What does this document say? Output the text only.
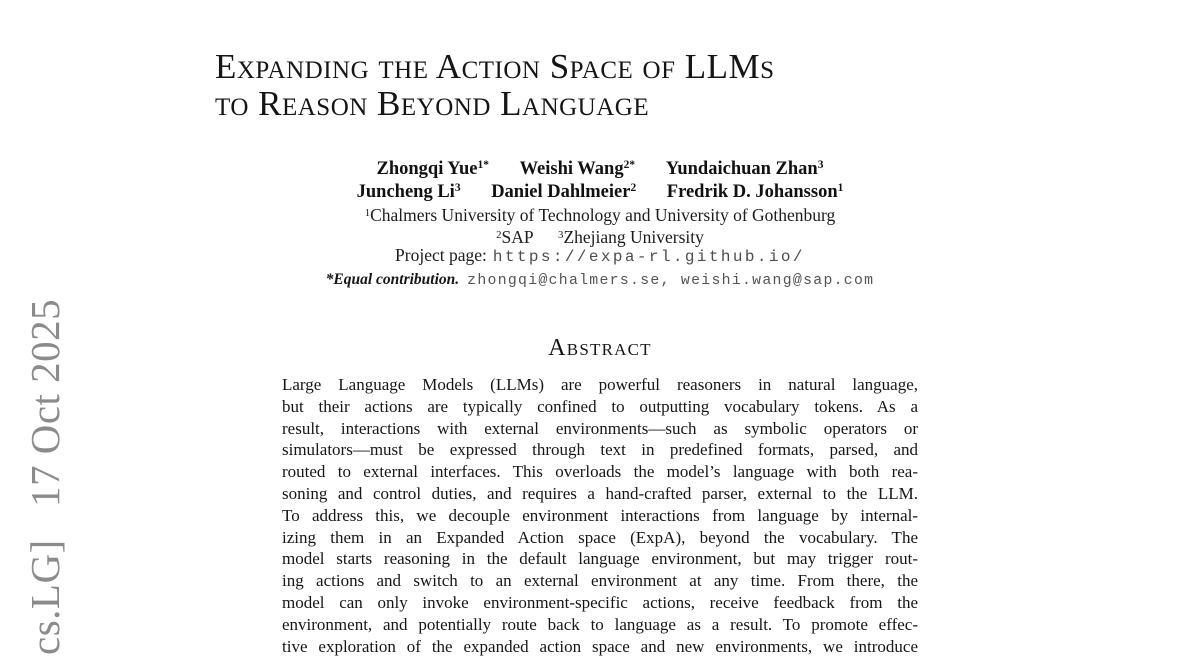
cs.LG]   17 Oct 2025
Expanding the Action Space of LLMs
to Reason Beyond Language
Zhongqi Yue1* Weishi Wang2* Yundaichuan Zhan3
Juncheng Li3 Daniel Dahlmeier2 Fredrik D. Johansson1
1Chalmers University of Technology and University of Gothenburg
2SAP 3Zhejiang University
Project page: https://expa-rl.github.io/
*Equal contribution. zhongqi@chalmers.se, weishi.wang@sap.com
Abstract
Large Language Models (LLMs) are powerful reasoners in natural language,
but their actions are typically confined to outputting vocabulary tokens. As a
result, interactions with external environments—such as symbolic operators or
simulators—must be expressed through text in predefined formats, parsed, and
routed to external interfaces. This overloads the model’s language with both rea-
soning and control duties, and requires a hand-crafted parser, external to the LLM.
To address this, we decouple environment interactions from language by internal-
izing them in an Expanded Action space (ExpA), beyond the vocabulary. The
model starts reasoning in the default language environment, but may trigger rout-
ing actions and switch to an external environment at any time. From there, the
model can only invoke environment-specific actions, receive feedback from the
environment, and potentially route back to language as a result. To promote effec-
tive exploration of the expanded action space and new environments, we introduce
